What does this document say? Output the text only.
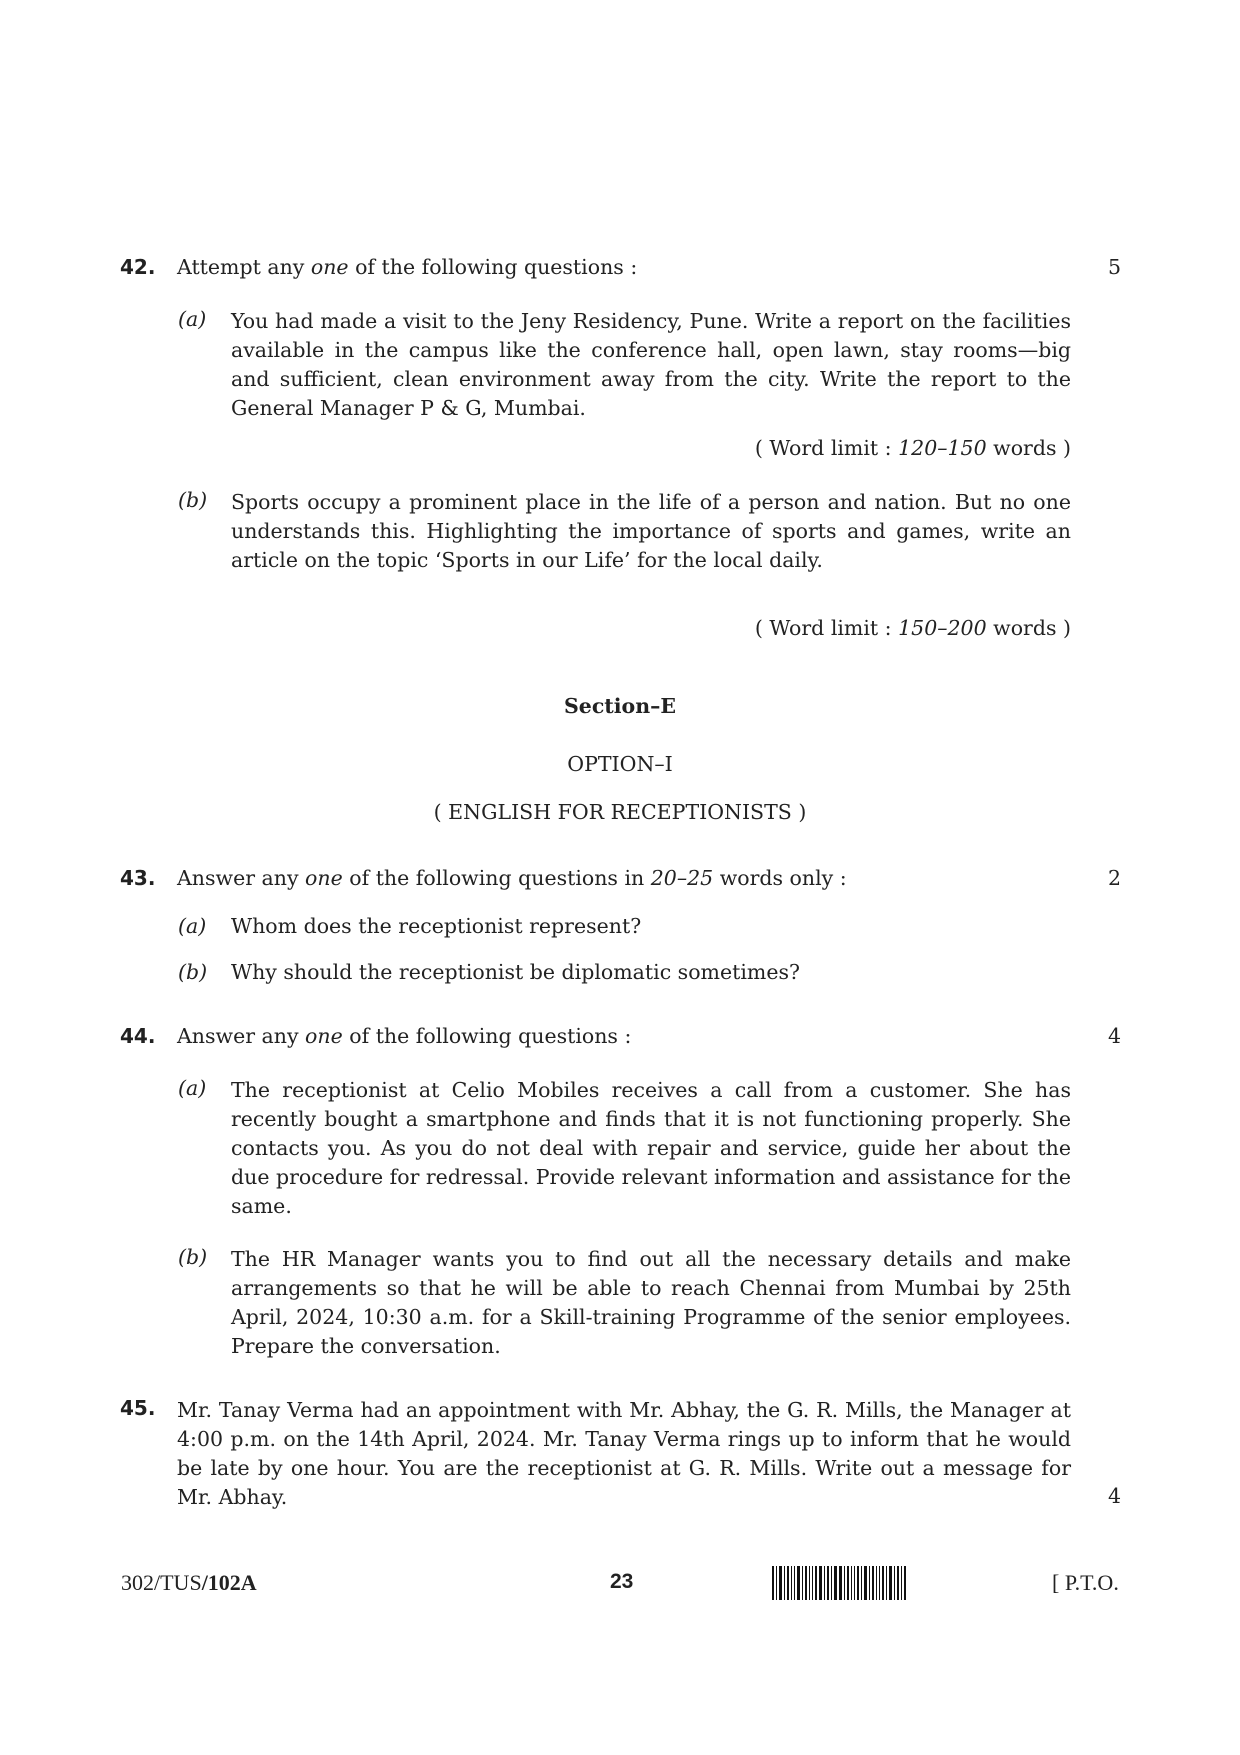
42. Attempt any one of the following questions :	5
(a) You had made a visit to the Jeny Residency, Pune. Write a report on the facilities available in the campus like the conference hall, open lawn, stay rooms—big and sufficient, clean environment away from the city. Write the report to the General Manager P & G, Mumbai.
( Word limit : 120–150 words )
(b) Sports occupy a prominent place in the life of a person and nation. But no one understands this. Highlighting the importance of sports and games, write an article on the topic ‘Sports in our Life’ for the local daily.
( Word limit : 150–200 words )
Section–E
OPTION–I
( ENGLISH FOR RECEPTIONISTS )
43. Answer any one of the following questions in 20–25 words only :	2
(a) Whom does the receptionist represent?
(b) Why should the receptionist be diplomatic sometimes?
44. Answer any one of the following questions :	4
(a) The receptionist at Celio Mobiles receives a call from a customer. She has recently bought a smartphone and finds that it is not functioning properly. She contacts you. As you do not deal with repair and service, guide her about the due procedure for redressal. Provide relevant information and assistance for the same.
(b) The HR Manager wants you to find out all the necessary details and make arrangements so that he will be able to reach Chennai from Mumbai by 25th April, 2024, 10:30 a.m. for a Skill-training Programme of the senior employees. Prepare the conversation.
45. Mr. Tanay Verma had an appointment with Mr. Abhay, the G. R. Mills, the Manager at 4:00 p.m. on the 14th April, 2024. Mr. Tanay Verma rings up to inform that he would be late by one hour. You are the receptionist at G. R. Mills. Write out a message for Mr. Abhay.	4
302/TUS/102A	23	[ P.T.O.
